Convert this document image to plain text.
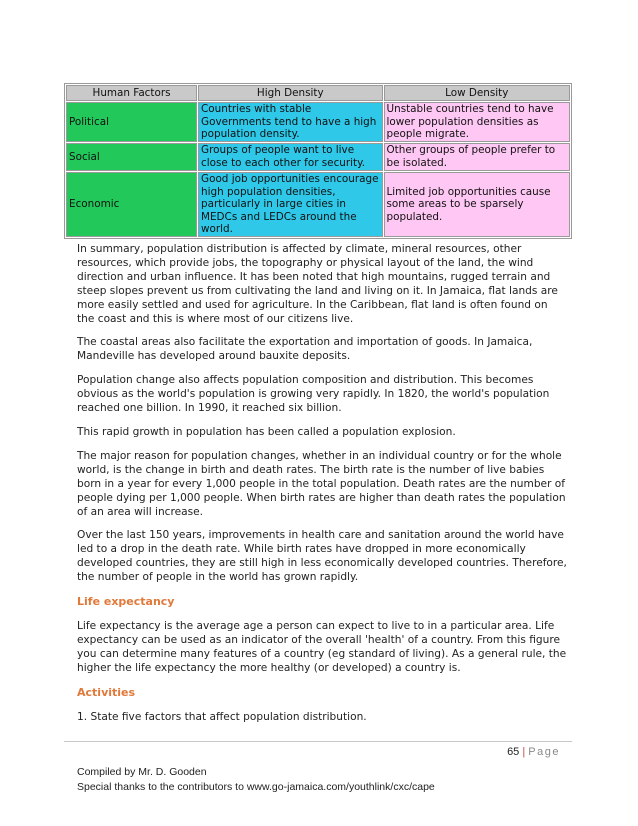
Human Factors	High Density	Low Density
Political	Countries with stable Governments tend to have a high population density.	Unstable countries tend to have lower population densities as people migrate.
Social	Groups of people want to live close to each other for security.	Other groups of people prefer to be isolated.
Economic	Good job opportunities encourage high population densities, particularly in large cities in MEDCs and LEDCs around the world.	Limited job opportunities cause some areas to be sparsely populated.

In summary, population distribution is affected by climate, mineral resources, other resources, which provide jobs, the topography or physical layout of the land, the wind direction and urban influence. It has been noted that high mountains, rugged terrain and steep slopes prevent us from cultivating the land and living on it. In Jamaica, flat lands are more easily settled and used for agriculture. In the Caribbean, flat land is often found on the coast and this is where most of our citizens live.

The coastal areas also facilitate the exportation and importation of goods. In Jamaica, Mandeville has developed around bauxite deposits.

Population change also affects population composition and distribution. This becomes obvious as the world's population is growing very rapidly. In 1820, the world's population reached one billion. In 1990, it reached six billion.

This rapid growth in population has been called a population explosion.

The major reason for population changes, whether in an individual country or for the whole world, is the change in birth and death rates. The birth rate is the number of live babies born in a year for every 1,000 people in the total population. Death rates are the number of people dying per 1,000 people. When birth rates are higher than death rates the population of an area will increase.

Over the last 150 years, improvements in health care and sanitation around the world have led to a drop in the death rate. While birth rates have dropped in more economically developed countries, they are still high in less economically developed countries. Therefore, the number of people in the world has grown rapidly.

Life expectancy

Life expectancy is the average age a person can expect to live to in a particular area. Life expectancy can be used as an indicator of the overall 'health' of a country. From this figure you can determine many features of a country (eg standard of living). As a general rule, the higher the life expectancy the more healthy (or developed) a country is.

Activities

1. State five factors that affect population distribution.

65 | Page
Compiled by Mr. D. Gooden
Special thanks to the contributors to www.go-jamaica.com/youthlink/cxc/cape
